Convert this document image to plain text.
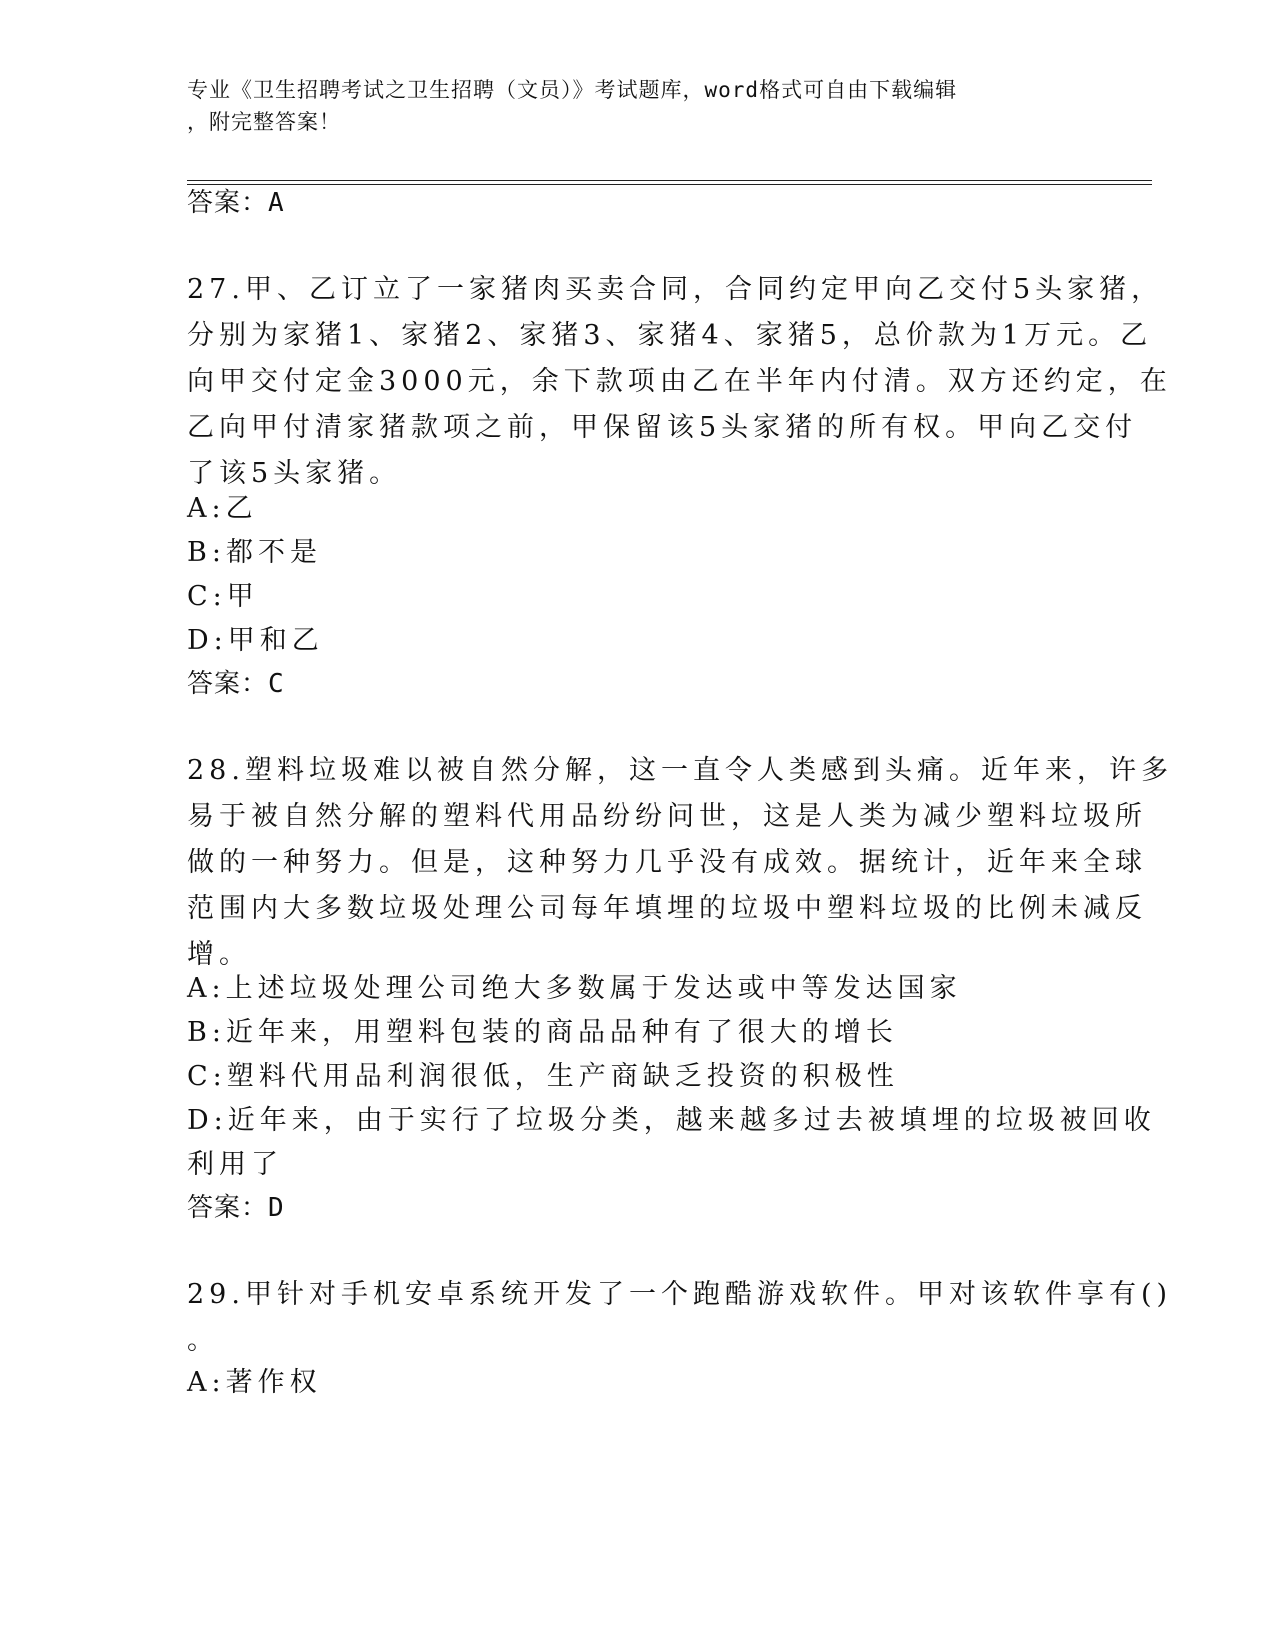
专业《卫生招聘考试之卫生招聘（文员）》考试题库，word格式可自由下载编辑
，附完整答案！
答案：A
27.甲、乙订立了一家猪肉买卖合同，合同约定甲向乙交付5头家猪，
分别为家猪1、家猪2、家猪3、家猪4、家猪5，总价款为1万元。乙
向甲交付定金3000元，余下款项由乙在半年内付清。双方还约定，在
乙向甲付清家猪款项之前，甲保留该5头家猪的所有权。甲向乙交付
了该5头家猪。
A:乙
B:都不是
C:甲
D:甲和乙
答案：C
28.塑料垃圾难以被自然分解，这一直令人类感到头痛。近年来，许多
易于被自然分解的塑料代用品纷纷问世，这是人类为减少塑料垃圾所
做的一种努力。但是，这种努力几乎没有成效。据统计，近年来全球
范围内大多数垃圾处理公司每年填埋的垃圾中塑料垃圾的比例未减反
增。
A:上述垃圾处理公司绝大多数属于发达或中等发达国家
B:近年来，用塑料包装的商品品种有了很大的增长
C:塑料代用品利润很低，生产商缺乏投资的积极性
D:近年来，由于实行了垃圾分类，越来越多过去被填埋的垃圾被回收
利用了
答案：D
29.甲针对手机安卓系统开发了一个跑酷游戏软件。甲对该软件享有()
。
A:著作权
